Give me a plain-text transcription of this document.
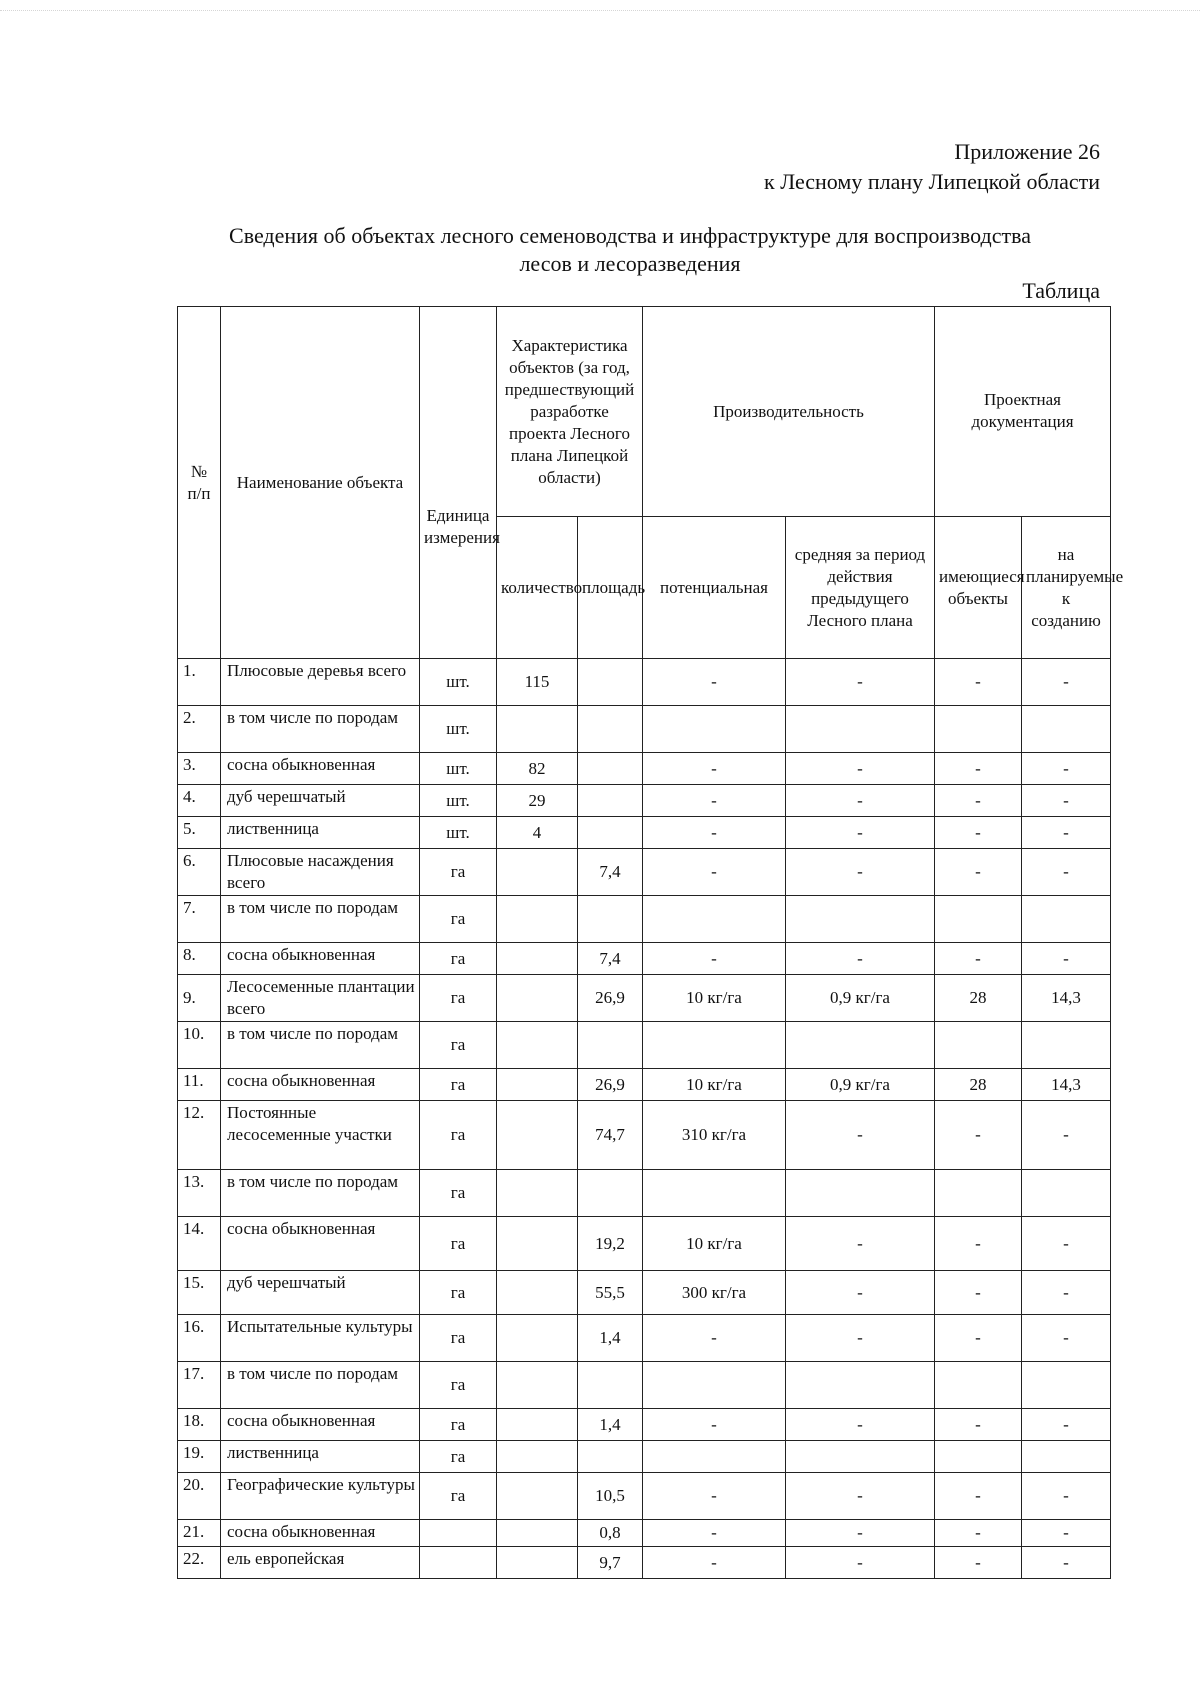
Приложение 26
к Лесному плану Липецкой области
Сведения об объектах лесного семеноводства и инфраструктуре для воспроизводства
лесов и лесоразведения
Таблица
№ п/п	Наименование объекта	Единица измерения	Характеристика объектов (за год, предшествующий разработке проекта Лесного плана Липецкой области)		Производительность		Проектная документация	
			количество	площадь	потенциальная	средняя за период действия предыдущего Лесного плана	имеющиеся объекты	на планируемые к созданию
1.	Плюсовые деревья всего	шт.	115		-	-	-	-
2.	в том числе по породам	шт.						
3.	сосна обыкновенная	шт.	82		-	-	-	-
4.	дуб черешчатый	шт.	29		-	-	-	-
5.	лиственница	шт.	4		-	-	-	-
6.	Плюсовые насаждения всего	га		7,4	-	-	-	-
7.	в том числе по породам	га						
8.	сосна обыкновенная	га		7,4	-	-	-	-
9.	Лесосеменные плантации всего	га		26,9	10 кг/га	0,9 кг/га	28	14,3
10.	в том числе по породам	га						
11.	сосна обыкновенная	га		26,9	10 кг/га	0,9 кг/га	28	14,3
12.	Постоянные лесосеменные участки	га		74,7	310 кг/га	-	-	-
13.	в том числе по породам	га						
14.	сосна обыкновенная	га		19,2	10 кг/га	-	-	-
15.	дуб черешчатый	га		55,5	300 кг/га	-	-	-
16.	Испытательные культуры	га		1,4	-	-	-	-
17.	в том числе по породам	га						
18.	сосна обыкновенная	га		1,4	-	-	-	-
19.	лиственница	га						
20.	Географические культуры	га		10,5	-	-	-	-
21.	сосна обыкновенная			0,8	-	-	-	-
22.	ель европейская			9,7	-	-	-	-
